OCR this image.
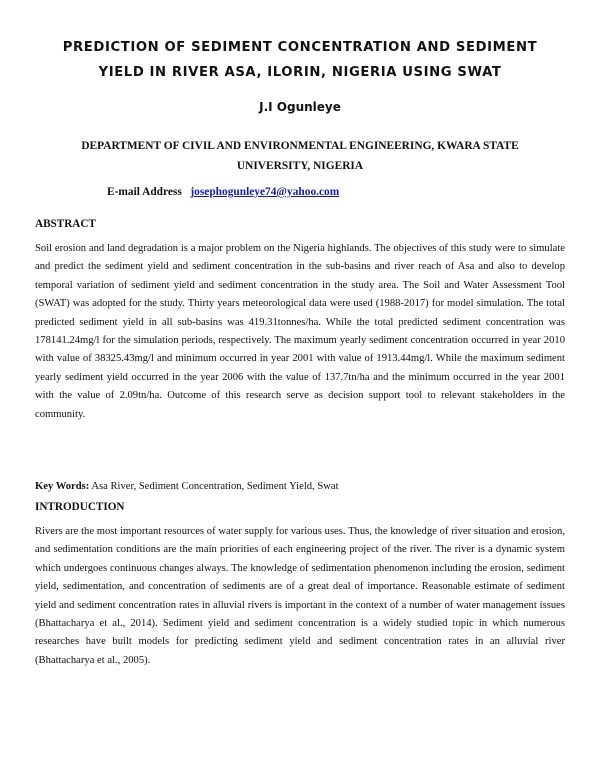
PREDICTION OF SEDIMENT CONCENTRATION AND SEDIMENT YIELD IN RIVER ASA, ILORIN, NIGERIA USING SWAT
J.I Ogunleye
DEPARTMENT OF CIVIL AND ENVIRONMENTAL ENGINEERING, KWARA STATE UNIVERSITY, NIGERIA
E-mail Address josephogunleye74@yahoo.com
ABSTRACT

Soil erosion and land degradation is a major problem on the Nigeria highlands. The objectives of this study were to simulate and predict the sediment yield and sediment concentration in the sub-basins and river reach of Asa and also to develop temporal variation of sediment yield and sediment concentration in the study area. The Soil and Water Assessment Tool (SWAT) was adopted for the study. Thirty years meteorological data were used (1988-2017) for model simulation. The total predicted sediment yield in all sub-basins was 419.31tonnes/ha. While the total predicted sediment concentration was 178141.24mg/l for the simulation periods, respectively. The maximum yearly sediment concentration occurred in year 2010 with value of 38325.43mg/l and minimum occurred in year 2001 with value of 1913.44mg/l. While the maximum sediment yearly sediment yield occurred in the year 2006 with the value of 137.7tn/ha and the minimum occurred in the year 2001 with the value of 2.09tn/ha. Outcome of this research serve as decision support tool to relevant stakeholders in the community.

Key Words: Asa River, Sediment Concentration, Sediment Yield, Swat
INTRODUCTION

Rivers are the most important resources of water supply for various uses. Thus, the knowledge of river situation and erosion, and sedimentation conditions are the main priorities of each engineering project of the river. The river is a dynamic system which undergoes continuous changes always. The knowledge of sedimentation phenomenon including the erosion, sediment yield, sedimentation, and concentration of sediments are of a great deal of importance. Reasonable estimate of sediment yield and sediment concentration rates in alluvial rivers is important in the context of a number of water management issues (Bhattacharya et al., 2014). Sediment yield and sediment concentration is a widely studied topic in which numerous researches have built models for predicting sediment yield and sediment concentration rates in an alluvial river (Bhattacharya et al., 2005).
